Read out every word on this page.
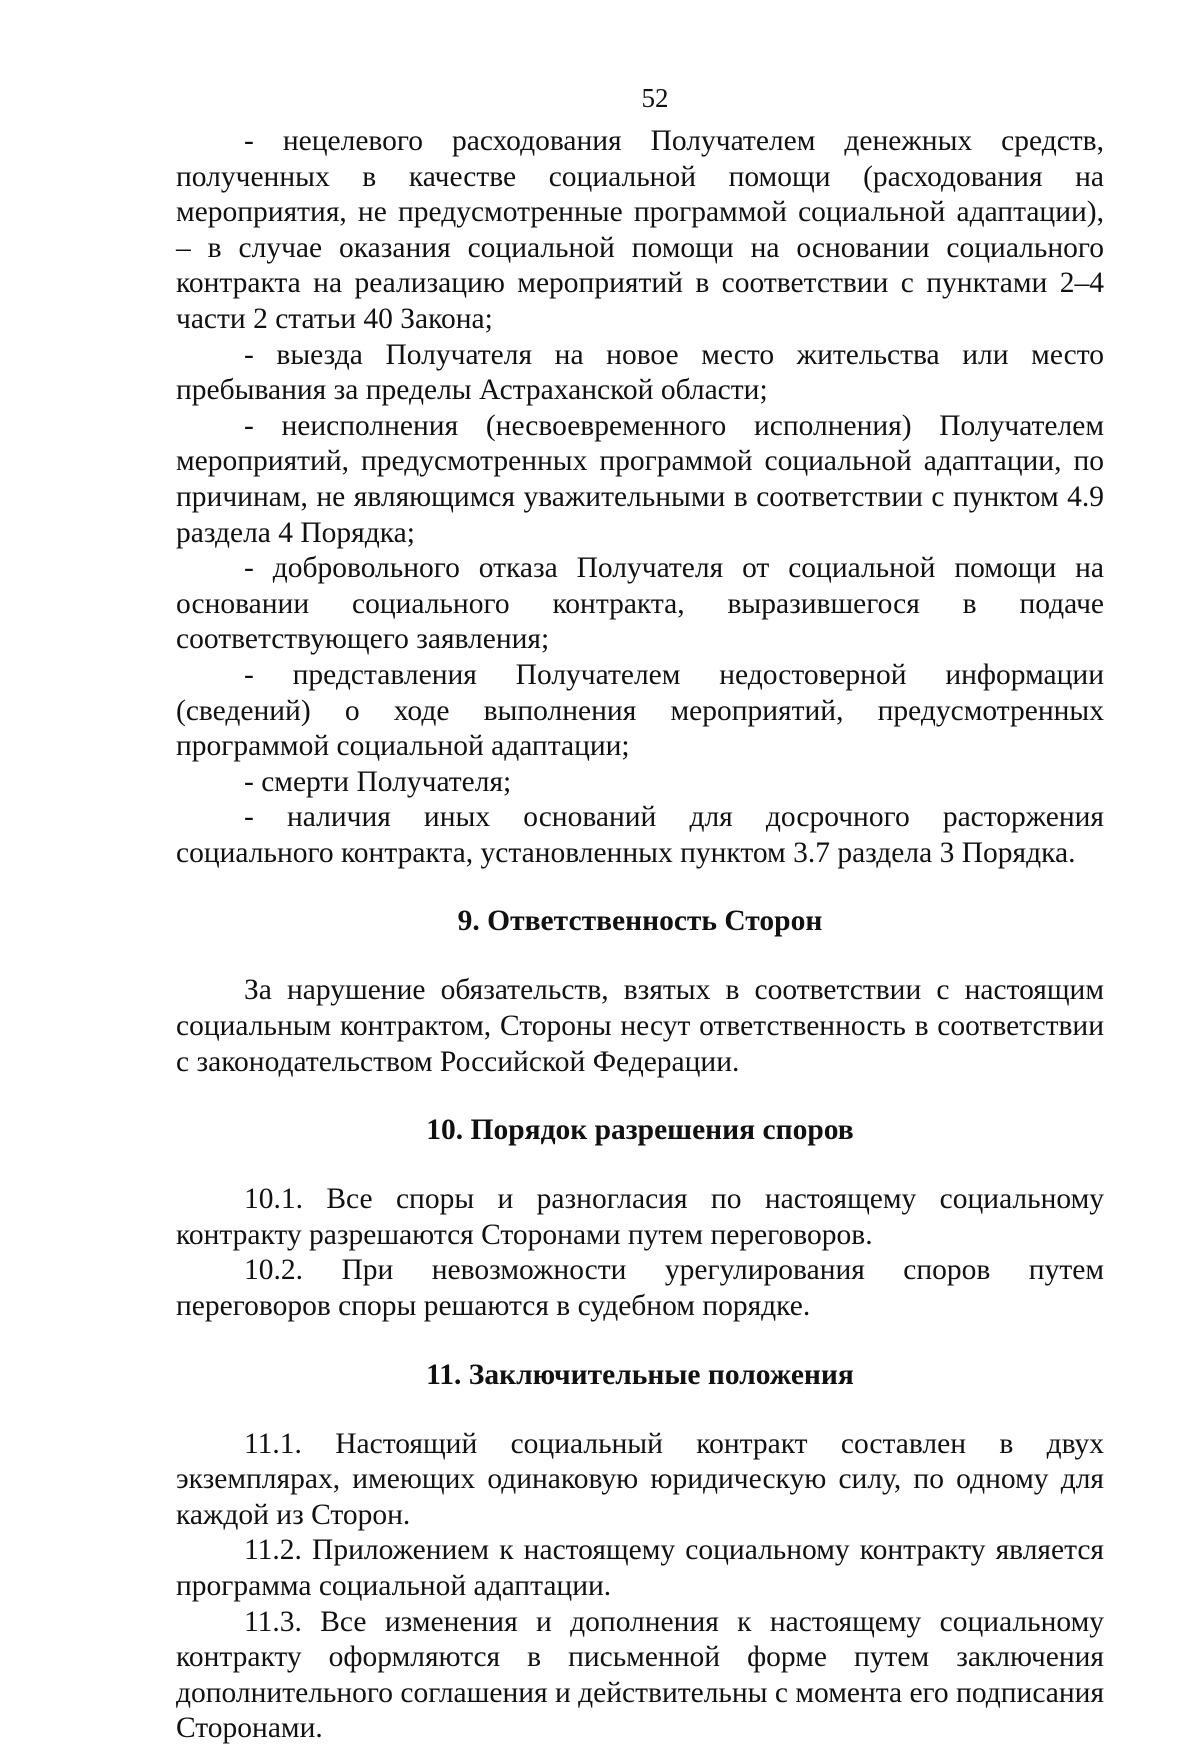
52

- нецелевого расходования Получателем денежных средств, полученных в качестве социальной помощи (расходования на мероприятия, не предусмотренные программой социальной адаптации), – в случае оказания социальной помощи на основании социального контракта на реализацию мероприятий в соответствии с пунктами 2–4 части 2 статьи 40 Закона;

- выезда Получателя на новое место жительства или место пребывания за пределы Астраханской области;

- неисполнения (несвоевременного исполнения) Получателем мероприятий, предусмотренных программой социальной адаптации, по причинам, не являющимся уважительными в соответствии с пунктом 4.9 раздела 4 Порядка;

- добровольного отказа Получателя от социальной помощи на основании социального контракта, выразившегося в подаче соответствующего заявления;

- представления Получателем недостоверной информации (сведений) о ходе выполнения мероприятий, предусмотренных программой социальной адаптации;

- смерти Получателя;

- наличия иных оснований для досрочного расторжения социального контракта, установленных пунктом 3.7 раздела 3 Порядка.

9. Ответственность Сторон

За нарушение обязательств, взятых в соответствии с настоящим социальным контрактом, Стороны несут ответственность в соответствии с законодательством Российской Федерации.

10. Порядок разрешения споров

10.1. Все споры и разногласия по настоящему социальному контракту разрешаются Сторонами путем переговоров.

10.2. При невозможности урегулирования споров путем переговоров споры решаются в судебном порядке.

11. Заключительные положения

11.1. Настоящий социальный контракт составлен в двух экземплярах, имеющих одинаковую юридическую силу, по одному для каждой из Сторон.

11.2. Приложением к настоящему социальному контракту является программа социальной адаптации.

11.3. Все изменения и дополнения к настоящему социальному контракту оформляются в письменной форме путем заключения дополнительного соглашения и действительны с момента его подписания Сторонами.
